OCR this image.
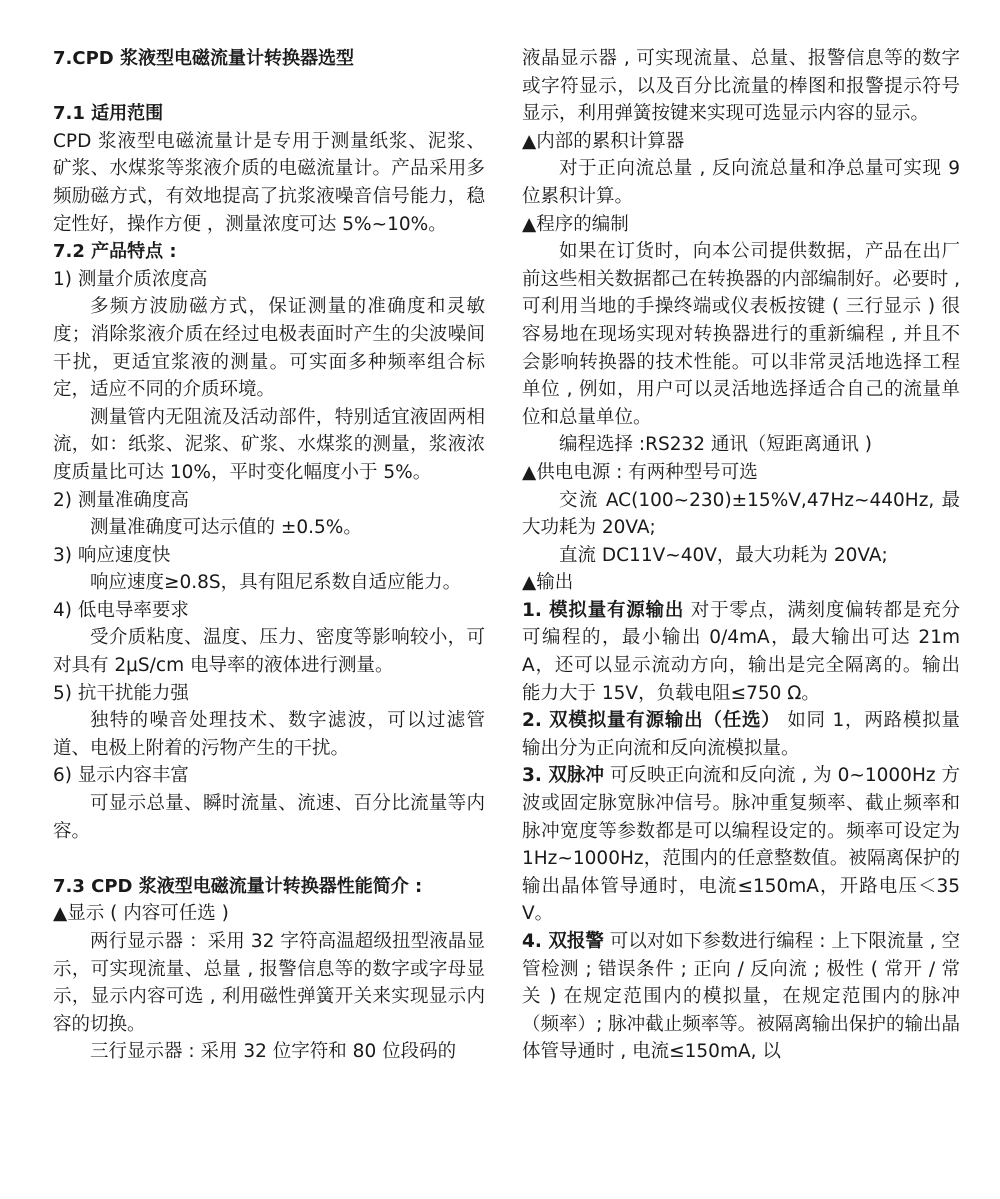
7.CPD 浆液型电磁流量计转换器选型

7.1 适用范围

CPD 浆液型电磁流量计是专用于测量纸浆、泥浆、矿浆、水煤浆等浆液介质的电磁流量计。产品采用多频励磁方式，有效地提高了抗浆液噪音信号能力，稳定性好，操作方便 ，测量浓度可达 5%~10%。

7.2 产品特点 :

1) 测量介质浓度高

多频方波励磁方式，保证测量的准确度和灵敏度；消除浆液介质在经过电极表面时产生的尖波噪间干扰，更适宜浆液的测量。可实面多种频率组合标定，适应不同的介质环境。

测量管内无阻流及活动部件，特别适宜液固两相流，如：纸浆、泥浆、矿浆、水煤浆的测量，浆液浓度质量比可达 10%，平时变化幅度小于 5%。

2) 测量准确度高

测量准确度可达示值的 ±0.5%。

3) 响应速度快

响应速度≥0.8S，具有阻尼系数自适应能力。

4) 低电导率要求

受介质粘度、温度、压力、密度等影响较小，可对具有 2μS/cm 电导率的液体进行测量。

5) 抗干扰能力强

独特的噪音处理技术、数字滤波，可以过滤管道、电极上附着的污物产生的干扰。

6) 显示内容丰富

可显示总量、瞬时流量、流速、百分比流量等内容。

7.3 CPD 浆液型电磁流量计转换器性能简介 :

▲显示 ( 内容可任选 )

两行显示器 ：采用 32 字符高温超级扭型液晶显示，可实现流量、总量 , 报警信息等的数字或字母显示，显示内容可选 , 利用磁性弹簧开关来实现显示内容的切换。

三行显示器 : 采用 32 位字符和 80 位段码的

液晶显示器 , 可实现流量、总量、报警信息等的数字或字符显示，以及百分比流量的棒图和报警提示符号显示，利用弹簧按键来实现可选显示内容的显示。

▲内部的累积计算器

对于正向流总量 , 反向流总量和净总量可实现 9 位累积计算。

▲程序的编制

如果在订货时，向本公司提供数据，产品在出厂前这些相关数据都己在转换器的内部编制好。必要时 , 可利用当地的手操终端或仪表板按键 ( 三行显示 ) 很容易地在现场实现对转换器进行的重新编程 , 并且不会影响转换器的技术性能。可以非常灵活地选择工程单位 , 例如，用户可以灵活地选择适合自己的流量单位和总量单位。

编程选择 :RS232 通讯（短距离通讯 )

▲供电电源 : 有两种型号可选

交流 AC(100~230)±15%V,47Hz~440Hz, 最大功耗为 20VA;

直流 DC11V~40V，最大功耗为 20VA;

▲输出

1. 模拟量有源输出 对于零点，满刻度偏转都是充分可编程的，最小输出 0/4mA，最大输出可达 21mA，还可以显示流动方向，输出是完全隔离的。输出能力大于 15V，负载电阻≤750 Ω。

2. 双模拟量有源输出（任选） 如同 1，两路模拟量输出分为正向流和反向流模拟量。

3. 双脉冲 可反映正向流和反向流 , 为 0~1000Hz 方波或固定脉宽脉冲信号。脉冲重复频率、截止频率和脉冲宽度等参数都是可以编程设定的。频率可设定为 1Hz~1000Hz，范围内的任意整数值。被隔离保护的输出晶体管导通时，电流≤150mA，开路电压＜35V。

4. 双报警 可以对如下参数进行编程 : 上下限流量 , 空管检测 ; 错误条件 ; 正向 / 反向流 ; 极性 ( 常开 / 常关 ) 在规定范围内的模拟量，在规定范围内的脉冲（频率）; 脉冲截止频率等。被隔离输出保护的输出晶体管导通时 , 电流≤150mA, 以
